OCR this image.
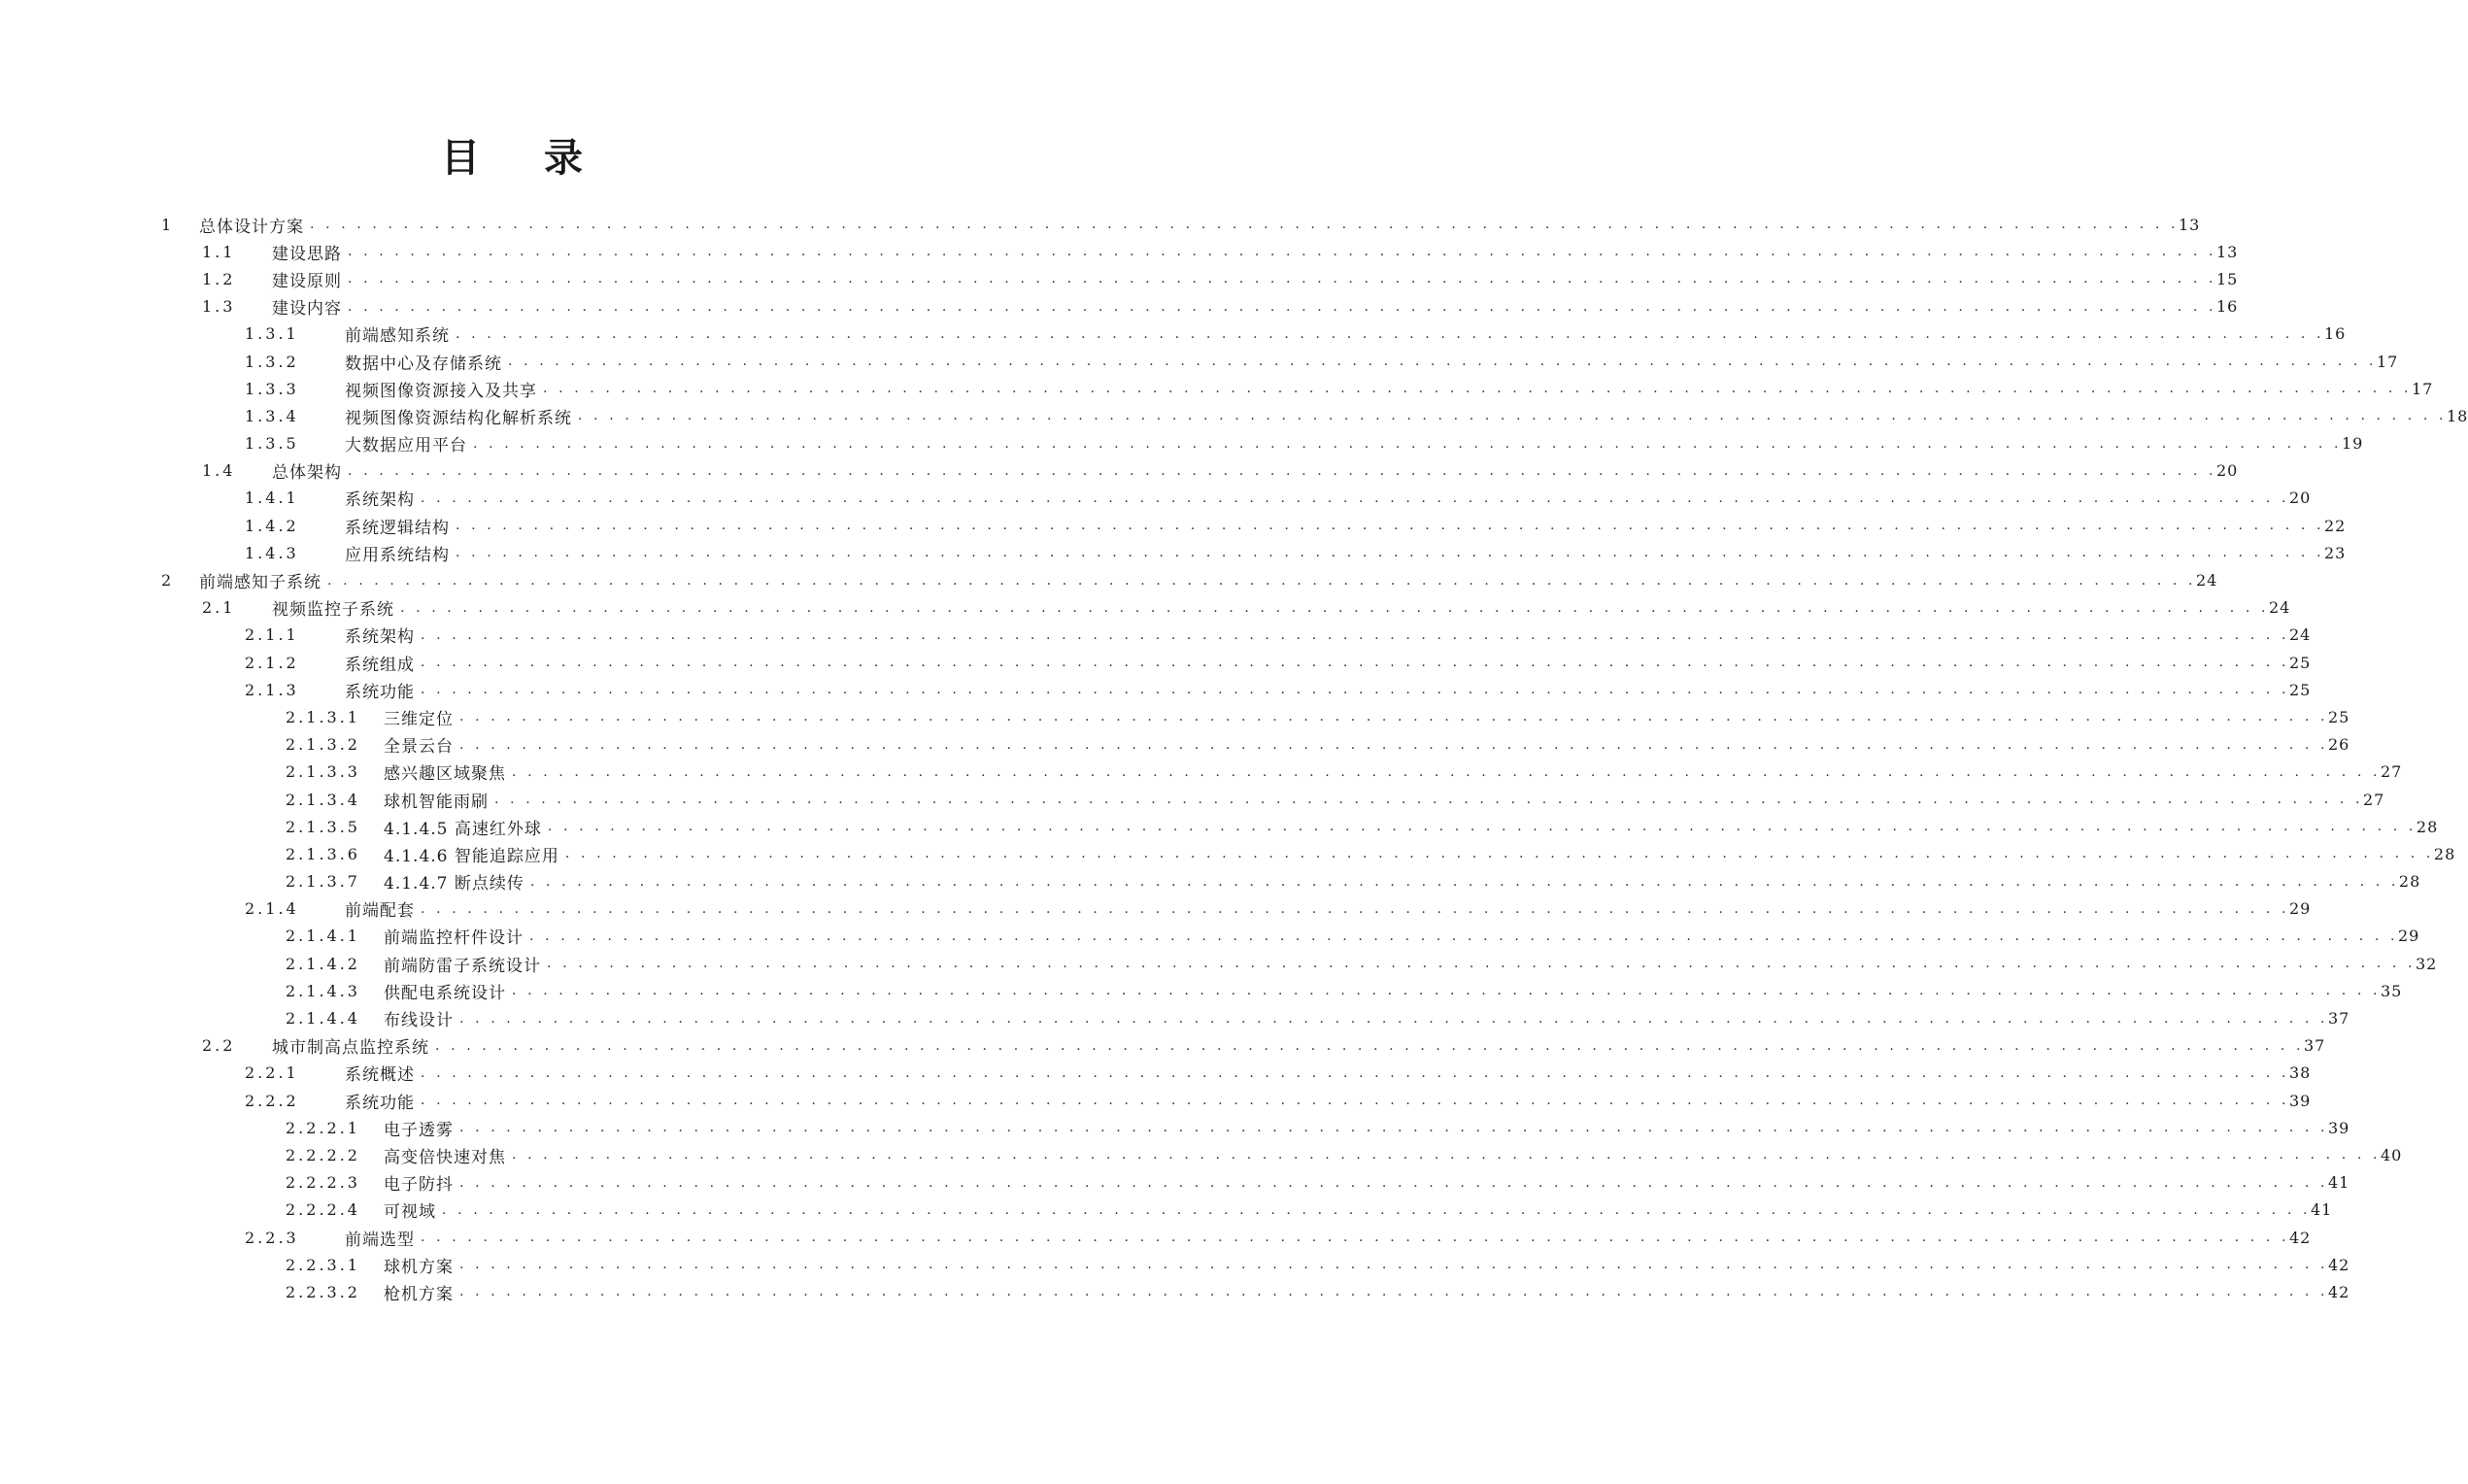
目 录
1 总体设计方案 . . . . . . . . . . . . . . . . . . . . . . . . . . . . . . . . . . . . . . . . . . . . . . . . . . . . . . . . . . . . . . . . . . . . . . . . . . . . . . . . . . . . . . . . . . . . . . . . . . . . . . . . . . . . . . . . . . . . . . . . 13
1.1 建设思路 . . . . . . . . . . . . . . . . . . . . . . . . . . . . . . . . . . . . . . . . . . . . . . . . . . . . . . . . . . . . . . . . . . . . . . . . . . . . . . . . . . . . . . . . . . . . . . . . . . . . . . . . . . . . . . . . . . . . . . . . 13
1.2 建设原则 . . . . . . . . . . . . . . . . . . . . . . . . . . . . . . . . . . . . . . . . . . . . . . . . . . . . . . . . . . . . . . . . . . . . . . . . . . . . . . . . . . . . . . . . . . . . . . . . . . . . . . . . . . . . . . . . . . . . . . . . 15
1.3 建设内容 . . . . . . . . . . . . . . . . . . . . . . . . . . . . . . . . . . . . . . . . . . . . . . . . . . . . . . . . . . . . . . . . . . . . . . . . . . . . . . . . . . . . . . . . . . . . . . . . . . . . . . . . . . . . . . . . . . . . . . . . 16
1.3.1	前端感知系统 . . . . . . . . . . . . . . . . . . . . . . . . . . . . . . . . . . . . . . . . . . . . . . . . . . . . . . . . . . . . . . . . . . . . . . . . . . . . . . . . . . . . . . . . . . . . . . . . . . . . . . . . . . . . . . . . . . . . . . . . 16
1.3.2	数据中心及存储系统 . . . . . . . . . . . . . . . . . . . . . . . . . . . . . . . . . . . . . . . . . . . . . . . . . . . . . . . . . . . . . . . . . . . . . . . . . . . . . . . . . . . . . . . . . . . . . . . . . . . . . . . . . . . . . . . . . . . . . . . . 17
1.3.3	视频图像资源接入及共享 . . . . . . . . . . . . . . . . . . . . . . . . . . . . . . . . . . . . . . . . . . . . . . . . . . . . . . . . . . . . . . . . . . . . . . . . . . . . . . . . . . . . . . . . . . . . . . . . . . . . . . . . . . . . . . . . . . . . . . . . 17
1.3.4	视频图像资源结构化解析系统 . . . . . . . . . . . . . . . . . . . . . . . . . . . . . . . . . . . . . . . . . . . . . . . . . . . . . . . . . . . . . . . . . . . . . . . . . . . . . . . . . . . . . . . . . . . . . . . . . . . . . . . . . . . . . . . . . . . . . . . . 18
1.3.5	大数据应用平台 . . . . . . . . . . . . . . . . . . . . . . . . . . . . . . . . . . . . . . . . . . . . . . . . . . . . . . . . . . . . . . . . . . . . . . . . . . . . . . . . . . . . . . . . . . . . . . . . . . . . . . . . . . . . . . . . . . . . . . . . 19
1.4 总体架构 . . . . . . . . . . . . . . . . . . . . . . . . . . . . . . . . . . . . . . . . . . . . . . . . . . . . . . . . . . . . . . . . . . . . . . . . . . . . . . . . . . . . . . . . . . . . . . . . . . . . . . . . . . . . . . . . . . . . . . . . 20
1.4.1	系统架构 . . . . . . . . . . . . . . . . . . . . . . . . . . . . . . . . . . . . . . . . . . . . . . . . . . . . . . . . . . . . . . . . . . . . . . . . . . . . . . . . . . . . . . . . . . . . . . . . . . . . . . . . . . . . . . . . . . . . . . . . 20
1.4.2	系统逻辑结构 . . . . . . . . . . . . . . . . . . . . . . . . . . . . . . . . . . . . . . . . . . . . . . . . . . . . . . . . . . . . . . . . . . . . . . . . . . . . . . . . . . . . . . . . . . . . . . . . . . . . . . . . . . . . . . . . . . . . . . . . 22
1.4.3	应用系统结构 . . . . . . . . . . . . . . . . . . . . . . . . . . . . . . . . . . . . . . . . . . . . . . . . . . . . . . . . . . . . . . . . . . . . . . . . . . . . . . . . . . . . . . . . . . . . . . . . . . . . . . . . . . . . . . . . . . . . . . . . 23
2 前端感知子系统 . . . . . . . . . . . . . . . . . . . . . . . . . . . . . . . . . . . . . . . . . . . . . . . . . . . . . . . . . . . . . . . . . . . . . . . . . . . . . . . . . . . . . . . . . . . . . . . . . . . . . . . . . . . . . . . . . . . . . . . . 24
2.1 视频监控子系统 . . . . . . . . . . . . . . . . . . . . . . . . . . . . . . . . . . . . . . . . . . . . . . . . . . . . . . . . . . . . . . . . . . . . . . . . . . . . . . . . . . . . . . . . . . . . . . . . . . . . . . . . . . . . . . . . . . . . . . . . 24
2.1.1	系统架构 . . . . . . . . . . . . . . . . . . . . . . . . . . . . . . . . . . . . . . . . . . . . . . . . . . . . . . . . . . . . . . . . . . . . . . . . . . . . . . . . . . . . . . . . . . . . . . . . . . . . . . . . . . . . . . . . . . . . . . . . 24
2.1.2	系统组成 . . . . . . . . . . . . . . . . . . . . . . . . . . . . . . . . . . . . . . . . . . . . . . . . . . . . . . . . . . . . . . . . . . . . . . . . . . . . . . . . . . . . . . . . . . . . . . . . . . . . . . . . . . . . . . . . . . . . . . . . 25
2.1.3	系统功能 . . . . . . . . . . . . . . . . . . . . . . . . . . . . . . . . . . . . . . . . . . . . . . . . . . . . . . . . . . . . . . . . . . . . . . . . . . . . . . . . . . . . . . . . . . . . . . . . . . . . . . . . . . . . . . . . . . . . . . . . 25
2.1.3.1 三维定位 . . . . . . . . . . . . . . . . . . . . . . . . . . . . . . . . . . . . . . . . . . . . . . . . . . . . . . . . . . . . . . . . . . . . . . . . . . . . . . . . . . . . . . . . . . . . . . . . . . . . . . . . . . . . . . . . . . . . . . . . 25
2.1.3.2 全景云台 . . . . . . . . . . . . . . . . . . . . . . . . . . . . . . . . . . . . . . . . . . . . . . . . . . . . . . . . . . . . . . . . . . . . . . . . . . . . . . . . . . . . . . . . . . . . . . . . . . . . . . . . . . . . . . . . . . . . . . . . 26
2.1.3.3 感兴趣区域聚焦 . . . . . . . . . . . . . . . . . . . . . . . . . . . . . . . . . . . . . . . . . . . . . . . . . . . . . . . . . . . . . . . . . . . . . . . . . . . . . . . . . . . . . . . . . . . . . . . . . . . . . . . . . . . . . . . . . . . . . . . . 27
2.1.3.4 球机智能雨刷 . . . . . . . . . . . . . . . . . . . . . . . . . . . . . . . . . . . . . . . . . . . . . . . . . . . . . . . . . . . . . . . . . . . . . . . . . . . . . . . . . . . . . . . . . . . . . . . . . . . . . . . . . . . . . . . . . . . . . . . . 27
2.1.3.5 4.1.4.5 高速红外球 . . . . . . . . . . . . . . . . . . . . . . . . . . . . . . . . . . . . . . . . . . . . . . . . . . . . . . . . . . . . . . . . . . . . . . . . . . . . . . . . . . . . . . . . . . . . . . . . . . . . . . . . . . . . . . . . . . . . . . . . 28
2.1.3.6 4.1.4.6 智能追踪应用 . . . . . . . . . . . . . . . . . . . . . . . . . . . . . . . . . . . . . . . . . . . . . . . . . . . . . . . . . . . . . . . . . . . . . . . . . . . . . . . . . . . . . . . . . . . . . . . . . . . . . . . . . . . . . . . . . . . . . . . . 28
2.1.3.7 4.1.4.7 断点续传 . . . . . . . . . . . . . . . . . . . . . . . . . . . . . . . . . . . . . . . . . . . . . . . . . . . . . . . . . . . . . . . . . . . . . . . . . . . . . . . . . . . . . . . . . . . . . . . . . . . . . . . . . . . . . . . . . . . . . . . . 28
2.1.4	前端配套 . . . . . . . . . . . . . . . . . . . . . . . . . . . . . . . . . . . . . . . . . . . . . . . . . . . . . . . . . . . . . . . . . . . . . . . . . . . . . . . . . . . . . . . . . . . . . . . . . . . . . . . . . . . . . . . . . . . . . . . . 29
2.1.4.1 前端监控杆件设计 . . . . . . . . . . . . . . . . . . . . . . . . . . . . . . . . . . . . . . . . . . . . . . . . . . . . . . . . . . . . . . . . . . . . . . . . . . . . . . . . . . . . . . . . . . . . . . . . . . . . . . . . . . . . . . . . . . . . . . . . 29
2.1.4.2 前端防雷子系统设计 . . . . . . . . . . . . . . . . . . . . . . . . . . . . . . . . . . . . . . . . . . . . . . . . . . . . . . . . . . . . . . . . . . . . . . . . . . . . . . . . . . . . . . . . . . . . . . . . . . . . . . . . . . . . . . . . . . . . . . . . 32
2.1.4.3 供配电系统设计 . . . . . . . . . . . . . . . . . . . . . . . . . . . . . . . . . . . . . . . . . . . . . . . . . . . . . . . . . . . . . . . . . . . . . . . . . . . . . . . . . . . . . . . . . . . . . . . . . . . . . . . . . . . . . . . . . . . . . . . . 35
2.1.4.4 布线设计 . . . . . . . . . . . . . . . . . . . . . . . . . . . . . . . . . . . . . . . . . . . . . . . . . . . . . . . . . . . . . . . . . . . . . . . . . . . . . . . . . . . . . . . . . . . . . . . . . . . . . . . . . . . . . . . . . . . . . . . . 37
2.2 城市制高点监控系统 . . . . . . . . . . . . . . . . . . . . . . . . . . . . . . . . . . . . . . . . . . . . . . . . . . . . . . . . . . . . . . . . . . . . . . . . . . . . . . . . . . . . . . . . . . . . . . . . . . . . . . . . . . . . . . . . . . . . . . . . 37
2.2.1	系统概述 . . . . . . . . . . . . . . . . . . . . . . . . . . . . . . . . . . . . . . . . . . . . . . . . . . . . . . . . . . . . . . . . . . . . . . . . . . . . . . . . . . . . . . . . . . . . . . . . . . . . . . . . . . . . . . . . . . . . . . . . 38
2.2.2	系统功能 . . . . . . . . . . . . . . . . . . . . . . . . . . . . . . . . . . . . . . . . . . . . . . . . . . . . . . . . . . . . . . . . . . . . . . . . . . . . . . . . . . . . . . . . . . . . . . . . . . . . . . . . . . . . . . . . . . . . . . . . 39
2.2.2.1 电子透雾 . . . . . . . . . . . . . . . . . . . . . . . . . . . . . . . . . . . . . . . . . . . . . . . . . . . . . . . . . . . . . . . . . . . . . . . . . . . . . . . . . . . . . . . . . . . . . . . . . . . . . . . . . . . . . . . . . . . . . . . . 39
2.2.2.2 高变倍快速对焦 . . . . . . . . . . . . . . . . . . . . . . . . . . . . . . . . . . . . . . . . . . . . . . . . . . . . . . . . . . . . . . . . . . . . . . . . . . . . . . . . . . . . . . . . . . . . . . . . . . . . . . . . . . . . . . . . . . . . . . . . 40
2.2.2.3 电子防抖 . . . . . . . . . . . . . . . . . . . . . . . . . . . . . . . . . . . . . . . . . . . . . . . . . . . . . . . . . . . . . . . . . . . . . . . . . . . . . . . . . . . . . . . . . . . . . . . . . . . . . . . . . . . . . . . . . . . . . . . . 41
2.2.2.4 可视域 . . . . . . . . . . . . . . . . . . . . . . . . . . . . . . . . . . . . . . . . . . . . . . . . . . . . . . . . . . . . . . . . . . . . . . . . . . . . . . . . . . . . . . . . . . . . . . . . . . . . . . . . . . . . . . . . . . . . . . . . 41
2.2.3	前端选型 . . . . . . . . . . . . . . . . . . . . . . . . . . . . . . . . . . . . . . . . . . . . . . . . . . . . . . . . . . . . . . . . . . . . . . . . . . . . . . . . . . . . . . . . . . . . . . . . . . . . . . . . . . . . . . . . . . . . . . . . 42
2.2.3.1 球机方案 . . . . . . . . . . . . . . . . . . . . . . . . . . . . . . . . . . . . . . . . . . . . . . . . . . . . . . . . . . . . . . . . . . . . . . . . . . . . . . . . . . . . . . . . . . . . . . . . . . . . . . . . . . . . . . . . . . . . . . . . 42
2.2.3.2 枪机方案 . . . . . . . . . . . . . . . . . . . . . . . . . . . . . . . . . . . . . . . . . . . . . . . . . . . . . . . . . . . . . . . . . . . . . . . . . . . . . . . . . . . . . . . . . . . . . . . . . . . . . . . . . . . . . . . . . . . . . . . . 42
